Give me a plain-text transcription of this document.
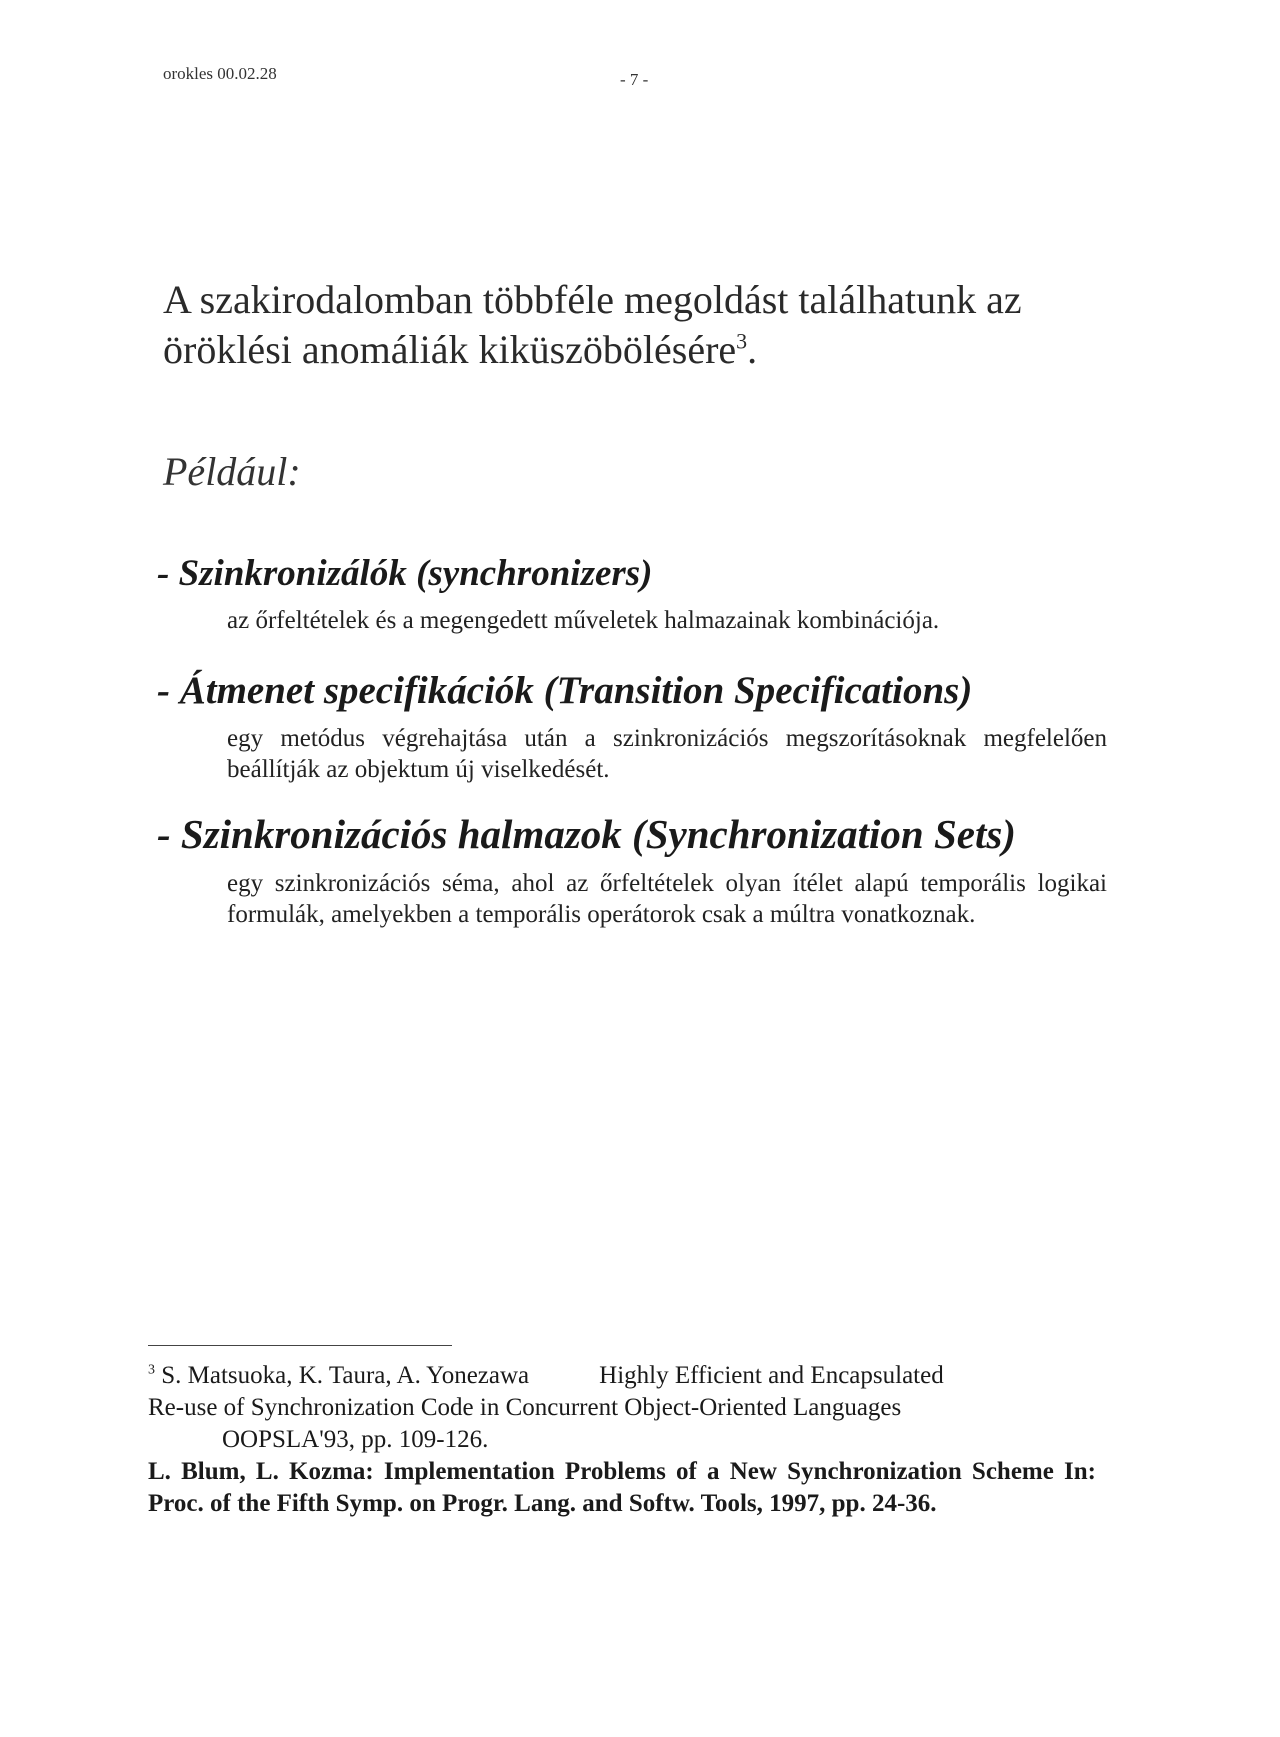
orokles 00.02.28	- 7 -

A szakirodalomban többféle megoldást találhatunk az öröklési anomáliák kiküszöbölésére$^3$.

Például:
- Szinkronizálók (synchronizers)
az őrfeltételek és a megengedett műveletek halmazainak kombinációja.
- Átmenet specifikációk (Transition Specifications)
egy metódus végrehajtása után a szinkronizációs megszorításoknak megfelelően beállítják az objektum új viselkedését.
- Szinkronizációs halmazok (Synchronization Sets)
egy szinkronizációs séma, ahol az őrfeltételek olyan ítélet alapú temporális logikai formulák, amelyekben a temporális operátorok csak a múltra vonatkoznak.
$^3$ S. Matsuoka, K. Taura, A. Yonezawa	Highly Efficient and Encapsulated
Re-use of Synchronization Code in Concurrent Object-Oriented Languages
OOPSLA'93, pp. 109-126.
L. Blum, L. Kozma: Implementation Problems of a New Synchronization Scheme In: Proc. of the Fifth Symp. on Progr. Lang. and Softw. Tools, 1997, pp. 24-36.
